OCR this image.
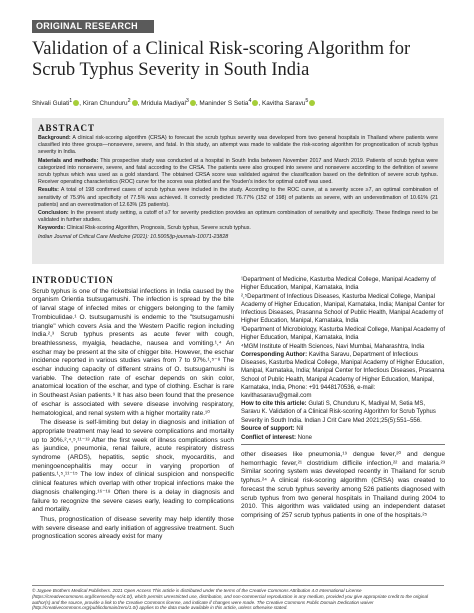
ORIGINAL RESEARCH
Validation of a Clinical Risk-scoring Algorithm for Scrub Typhus Severity in South India
Shivali Gulati$^1$ , Kiran Chunduru$^2$ , Mridula Madiyal$^3$ , Maninder S Setia$^4$ , Kavitha Saravu$^5$
ABSTRACT

Background: A clinical risk-scoring algorithm (CRSA) to forecast the scrub typhus severity was developed from two general hospitals in Thailand where patients were classified into three groups—nonsevere, severe, and fatal. In this study, an attempt was made to validate the risk-scoring algorithm for prognostication of scrub typhus severity in India.

Materials and methods: This prospective study was conducted at a hospital in South India between November 2017 and March 2019. Patients of scrub typhus were categorized into nonsevere, severe, and fatal according to the CRSA. The patients were also grouped into severe and nonsevere according to the definition of severe scrub typhus which was used as a gold standard. The obtained CRSA score was validated against the classification based on the definition of severe scrub typhus. Receiver operating characteristics (ROC) curve for the scores was plotted and the Youden's index for optimal cutoff was used.

Results: A total of 198 confirmed cases of scrub typhus were included in the study. According to the ROC curve, at a severity score ≥7, an optimal combination of sensitivity of 75.9% and specificity of 77.5% was achieved. It correctly predicted 76.77% (152 of 198) of patients as severe, with an underestimation of 10.61% (21 patients) and an overestimation of 12.63% (25 patients).

Conclusion: In the present study setting, a cutoff of ≥7 for severity prediction provides an optimum combination of sensitivity and specificity. These findings need to be validated in further studies.

Keywords: Clinical Risk-scoring Algorithm, Prognosis, Scrub typhus, Severe scrub typhus.

Indian Journal of Critical Care Medicine (2021): 10.5005/jp-journals-10071-23828

INTRODUCTION

Scrub typhus is one of the rickettsial infections in India caused by the organism Orientia tsutsugamushi. The infection is spread by the bite of larval stage of infected mites or chiggers belonging to the family Trombiculidae.¹ O. tsutsugamushi is endemic to the "tsutsugamushi triangle" which covers Asia and the Western Pacific region including India.²,³ Scrub typhus presents as acute fever with cough, breathlessness, myalgia, headache, nausea and vomiting.¹,⁴ An eschar may be present at the site of chigger bite. However, the eschar incidence reported in various studies varies from 7 to 97%.¹,⁵⁻⁸ The eschar inducing capacity of different strains of O. tsutsugamushi is variable. The detection rate of eschar depends on skin color, anatomical location of the eschar, and type of clothing. Eschar is rare in Southeast Asian patients.⁹ It has also been found that the presence of eschar is associated with severe disease involving respiratory, hematological, and renal system with a higher mortality rate.¹⁰

The disease is self-limiting but delay in diagnosis and initiation of appropriate treatment may lead to severe complications and mortality up to 30%.²,⁴,⁵,¹¹⁻¹³ After the first week of illness complications such as jaundice, pneumonia, renal failure, acute respiratory distress syndrome (ARDS), hepatitis, septic shock, myocarditis, and meningoencephalitis may occur in varying proportion of patients.¹,⁵,¹¹⁻¹⁵ The low index of clinical suspicion and nonspecific clinical features which overlap with other tropical infections make the diagnosis challenging.¹⁶⁻¹⁸ Often there is a delay in diagnosis and failure to recognize the severe cases early, leading to complications and mortality.

Thus, prognostication of disease severity may help identify those with severe disease and early initiation of aggressive treatment. Such prognostication scores already exist for many

¹Department of Medicine, Kasturba Medical College, Manipal Academy of Higher Education, Manipal, Karnataka, India

²,⁵Department of Infectious Diseases, Kasturba Medical College, Manipal Academy of Higher Education, Manipal, Karnataka, India; Manipal Center for Infectious Diseases, Prasanna School of Public Health, Manipal Academy of Higher Education, Manipal, Karnataka, India

³Department of Microbiology, Kasturba Medical College, Manipal Academy of Higher Education, Manipal, Karnataka, India

⁴MGM Institute of Health Sciences, Navi Mumbai, Maharashtra, India

Corresponding Author: Kavitha Saravu, Department of Infectious Diseases, Kasturba Medical College, Manipal Academy of Higher Education, Manipal, Karnataka, India; Manipal Center for Infectious Diseases, Prasanna School of Public Health, Manipal Academy of Higher Education, Manipal, Karnataka, India, Phone: +91 9448170536, e-mail: kavithasaravu@gmail.com

How to cite this article: Gulati S, Chunduru K, Madiyal M, Setia MS, Saravu K. Validation of a Clinical Risk-scoring Algorithm for Scrub Typhus Severity in South India. Indian J Crit Care Med 2021;25(5):551–556.

Source of support: Nil

Conflict of interest: None

other diseases like pneumonia,¹⁹ dengue fever,²⁰ and dengue hemorrhagic fever,²¹ clostridium difficile infection,²² and malaria.²³ Similar scoring system was developed recently in Thailand for scrub typhus.²⁴ A clinical risk-scoring algorithm (CRSA) was created to forecast the scrub typhus severity among 526 patients diagnosed with scrub typhus from two general hospitals in Thailand during 2004 to 2010. This algorithm was validated using an independent dataset comprising of 257 scrub typhus patients in one of the hospitals.²⁵
© Jaypee Brothers Medical Publishers. 2021 Open Access This article is distributed under the terms of the Creative Commons Attribution 4.0 International License (https://creativecommons.org/licenses/by-nc/4.0/), which permits unrestricted use, distribution, and non-commercial reproduction in any medium, provided you give appropriate credit to the original author(s) and the source, provide a link to the Creative Commons license, and indicate if changes were made. The Creative Commons Public Domain Dedication waiver (http://creativecommons.org/publicdomain/zero/1.0/) applies to the data made available in this article, unless otherwise stated.
